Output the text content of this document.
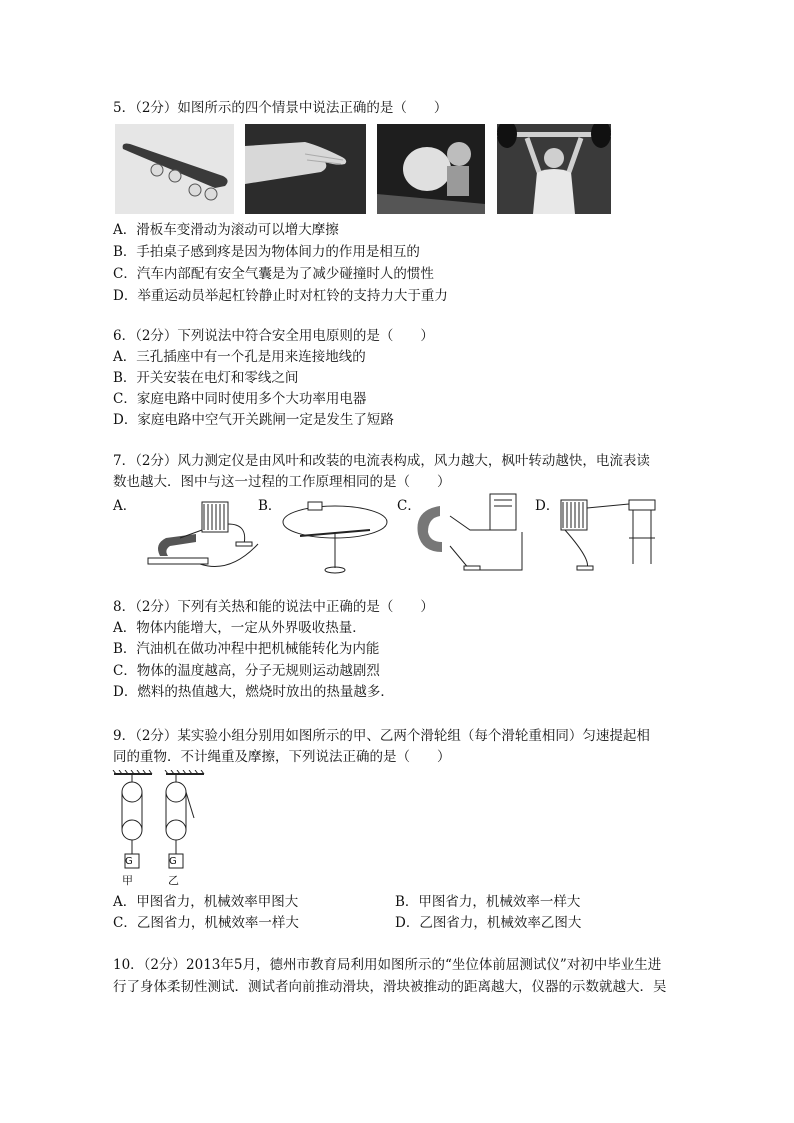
5．（2分）如图所示的四个情景中说法正确的是（　　）
A．滑板车变滑动为滚动可以增大摩擦
B．手拍桌子感到疼是因为物体间力的作用是相互的
C．汽车内部配有安全气囊是为了减少碰撞时人的惯性
D．举重运动员举起杠铃静止时对杠铃的支持力大于重力
6．（2分）下列说法中符合安全用电原则的是（　　）
A．三孔插座中有一个孔是用来连接地线的
B．开关安装在电灯和零线之间
C．家庭电路中同时使用多个大功率用电器
D．家庭电路中空气开关跳闸一定是发生了短路
7．（2分）风力测定仪是由风叶和改装的电流表构成，风力越大，枫叶转动越快，电流表读
数也越大．图中与这一过程的工作原理相同的是（　　）
A．	B．	C．	D．
8．（2分）下列有关热和能的说法中正确的是（　　）
A．物体内能增大，一定从外界吸收热量．
B．汽油机在做功冲程中把机械能转化为内能
C．物体的温度越高，分子无规则运动越剧烈
D．燃料的热值越大，燃烧时放出的热量越多．
9．（2分）某实验小组分别用如图所示的甲、乙两个滑轮组（每个滑轮重相同）匀速提起相
同的重物．不计绳重及摩擦，下列说法正确的是（　　）
G	G
甲	乙
A．甲图省力，机械效率甲图大	B．甲图省力，机械效率一样大
C．乙图省力，机械效率一样大	D．乙图省力，机械效率乙图大
10．（2分）2013年5月，德州市教育局利用如图所示的“坐位体前屈测试仪”对初中毕业生进
行了身体柔韧性测试．测试者向前推动滑块，滑块被推动的距离越大，仪器的示数就越大．吴
